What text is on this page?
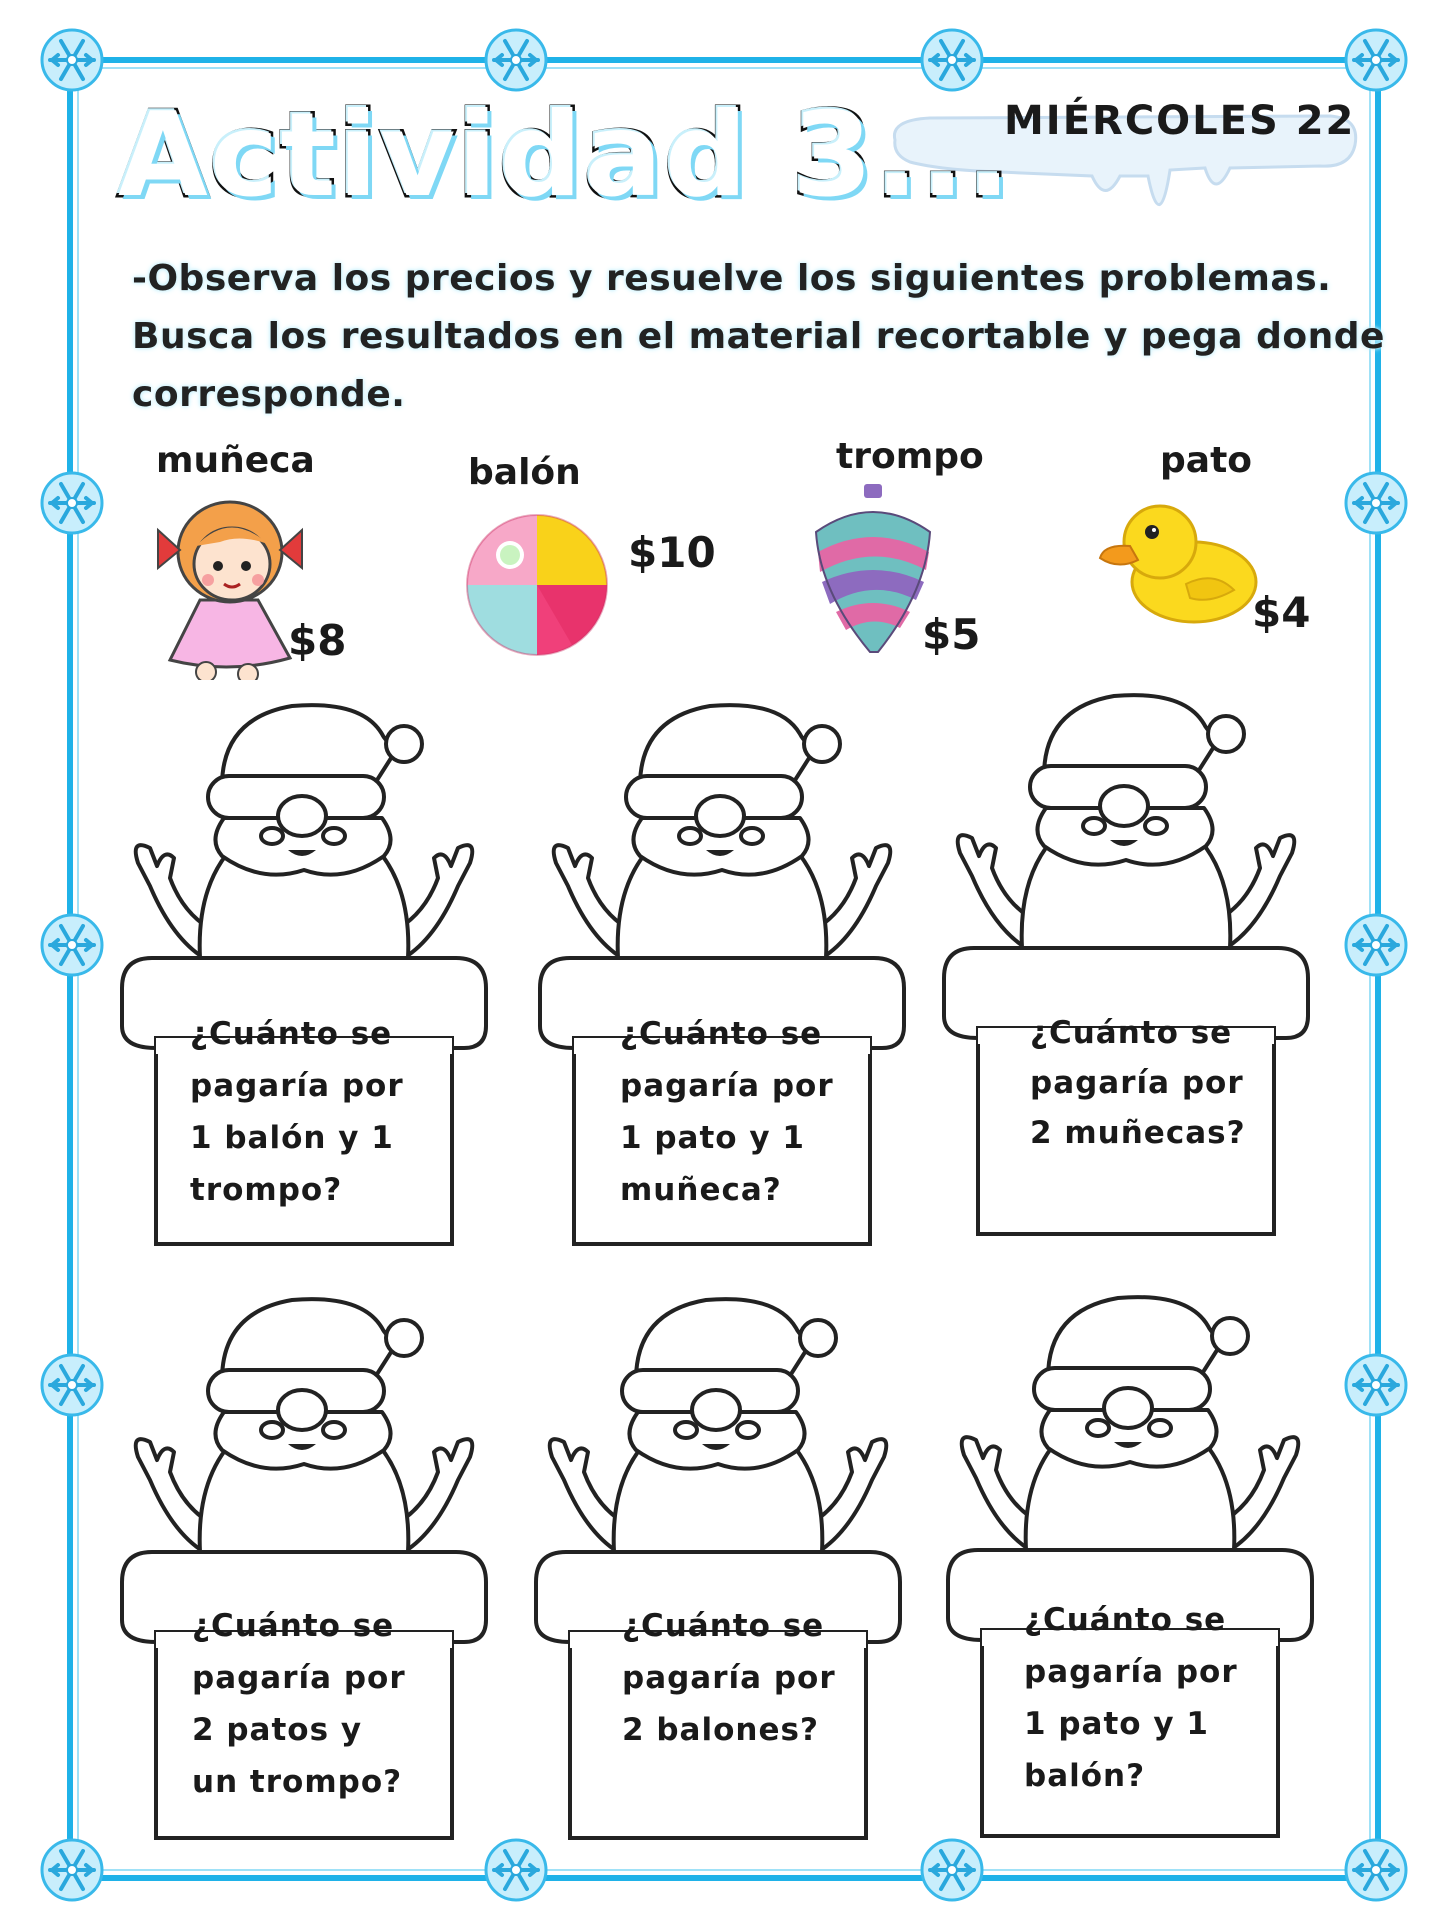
Actividad 3...
MIÉRCOLES 22
-Observa los precios y resuelve los siguientes problemas.
Busca los resultados en el material recortable y pega donde
corresponde.
muñeca	balón	trompo	pato
$8
$10
$5	$4
¿Cuánto se
pagaría por
1 balón y 1
trompo?
¿Cuánto se
pagaría por
1 pato y 1
muñeca?
¿Cuánto se
pagaría por
2 muñecas?
¿Cuánto se
pagaría por
2 patos y
un trompo?
¿Cuánto se
pagaría por
2 balones?
¿Cuánto se
pagaría por
1 pato y 1
balón?
